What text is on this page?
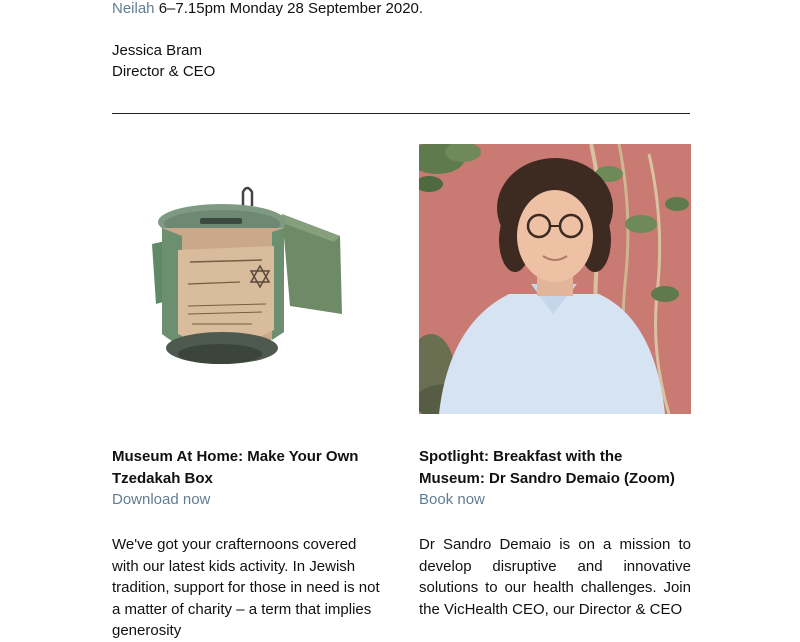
Neilah 6–7.15pm Monday 28 September 2020.
Jessica Bram
Director & CEO
Museum At Home: Make Your Own Tzedakah Box
Download now
We've got your crafternoons covered with our latest kids activity. In Jewish tradition, support for those in need is not a matter of charity – a term that implies generosity
Spotlight: Breakfast with the Museum: Dr Sandro Demaio (Zoom)
Book now
Dr Sandro Demaio is on a mission to develop disruptive and innovative solutions to our health challenges. Join the VicHealth CEO, our Director & CEO
